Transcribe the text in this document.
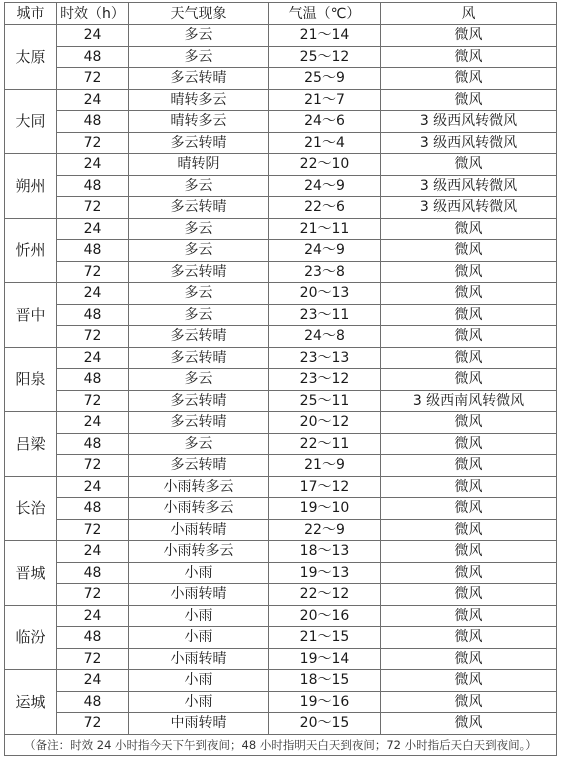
城市	时效（h）	天气现象	气温（℃）	风
太原	24	多云	21～14	微风
	48	多云	25～12	微风
	72	多云转晴	25～9	微风
大同	24	晴转多云	21～7	微风
	48	晴转多云	24～6	3 级西风转微风
	72	多云转晴	21～4	3 级西风转微风
朔州	24	晴转阴	22～10	微风
	48	多云	24～9	3 级西风转微风
	72	多云转晴	22～6	3 级西风转微风
忻州	24	多云	21～11	微风
	48	多云	24～9	微风
	72	多云转晴	23～8	微风
晋中	24	多云	20～13	微风
	48	多云	23～11	微风
	72	多云转晴	24～8	微风
阳泉	24	多云转晴	23～13	微风
	48	多云	23～12	微风
	72	多云转晴	25～11	3 级西南风转微风
吕梁	24	多云转晴	20～12	微风
	48	多云	22～11	微风
	72	多云转晴	21～9	微风
长治	24	小雨转多云	17～12	微风
	48	小雨转多云	19～10	微风
	72	小雨转晴	22～9	微风
晋城	24	小雨转多云	18～13	微风
	48	小雨	19～13	微风
	72	小雨转晴	22～12	微风
临汾	24	小雨	20～16	微风
	48	小雨	21～15	微风
	72	小雨转晴	19～14	微风
运城	24	小雨	18～15	微风
	48	小雨	19～16	微风
	72	中雨转晴	20～15	微风
（备注：时效 24 小时指今天下午到夜间；48 小时指明天白天到夜间；72 小时指后天白天到夜间。）				
